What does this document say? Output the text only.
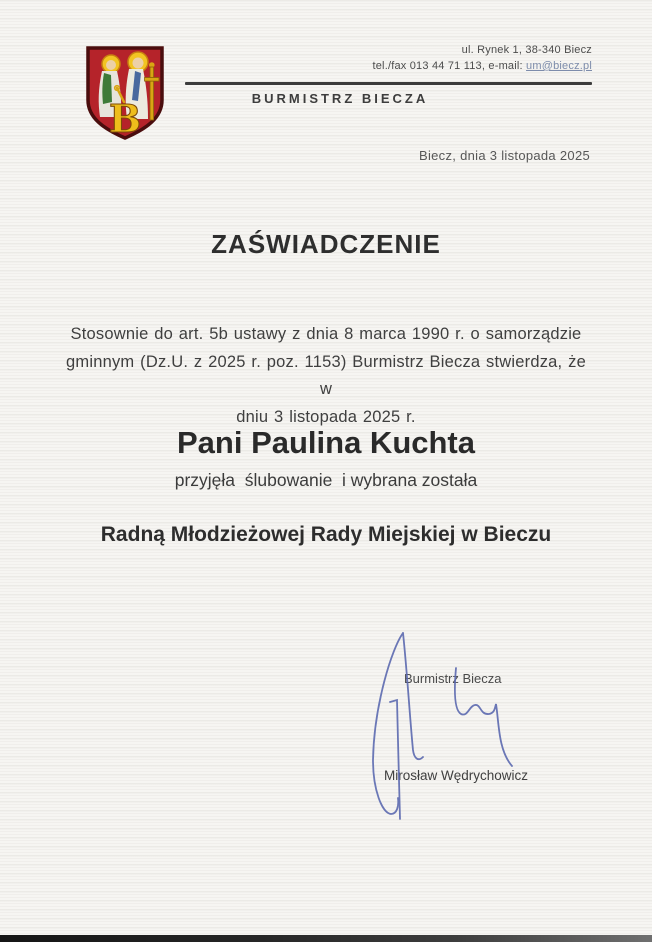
B
ul. Rynek 1, 38-340 Biecz
tel./fax 013 44 71 113, e-mail: um@biecz.pl
BURMISTRZ BIECZA
Biecz, dnia 3 listopada 2025
ZAŚWIADCZENIE
Stosownie do art. 5b ustawy z dnia 8 marca 1990 r. o samorządzie
gminnym (Dz.U. z 2025 r. poz. 1153) Burmistrz Biecza stwierdza, że w
dniu 3 listopada 2025 r.
Pani Paulina Kuchta
przyjęła  ślubowanie  i wybrana została
Radną Młodzieżowej Rady Miejskiej w Bieczu
Burmistrz Biecza
Mirosław Wędrychowicz
